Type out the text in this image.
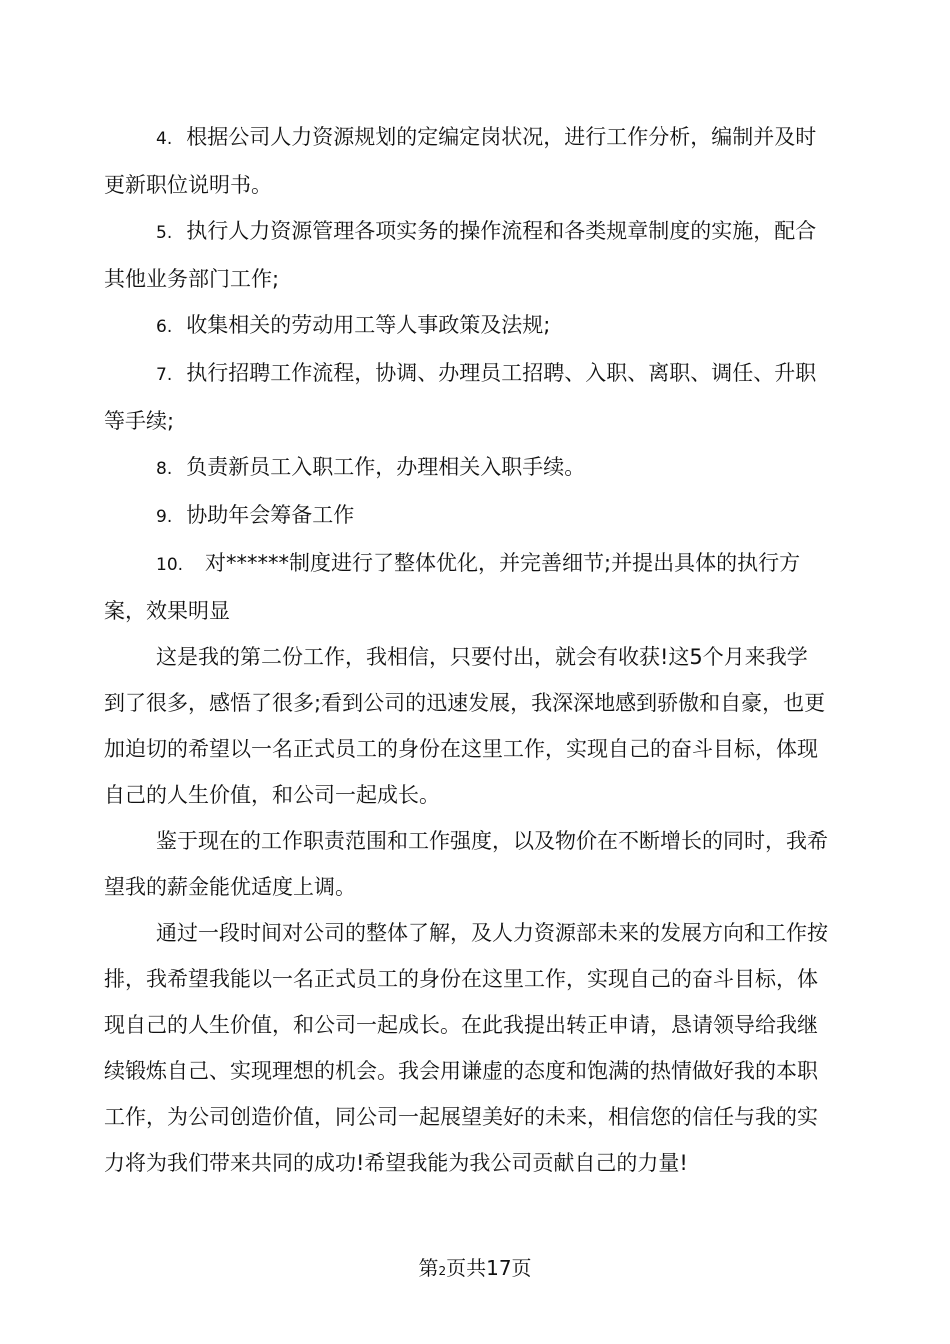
4. 根据公司人力资源规划的定编定岗状况，进行工作分析，编制并及时更新职位说明书。

5. 执行人力资源管理各项实务的操作流程和各类规章制度的实施，配合其他业务部门工作;

6. 收集相关的劳动用工等人事政策及法规;

7. 执行招聘工作流程，协调、办理员工招聘、入职、离职、调任、升职等手续;

8. 负责新员工入职工作，办理相关入职手续。

9. 协助年会筹备工作

10. 对******制度进行了整体优化，并完善细节;并提出具体的执行方案，效果明显

这是我的第二份工作，我相信，只要付出，就会有收获!这5个月来我学到了很多，感悟了很多;看到公司的迅速发展，我深深地感到骄傲和自豪，也更加迫切的希望以一名正式员工的身份在这里工作，实现自己的奋斗目标，体现自己的人生价值，和公司一起成长。

鉴于现在的工作职责范围和工作强度，以及物价在不断增长的同时，我希望我的薪金能优适度上调。

通过一段时间对公司的整体了解，及人力资源部未来的发展方向和工作按排，我希望我能以一名正式员工的身份在这里工作，实现自己的奋斗目标，体现自己的人生价值，和公司一起成长。在此我提出转正申请，恳请领导给我继续锻炼自己、实现理想的机会。我会用谦虚的态度和饱满的热情做好我的本职工作，为公司创造价值，同公司一起展望美好的未来，相信您的信任与我的实力将为我们带来共同的成功!希望我能为我公司贡献自己的力量!

第2页共17页
